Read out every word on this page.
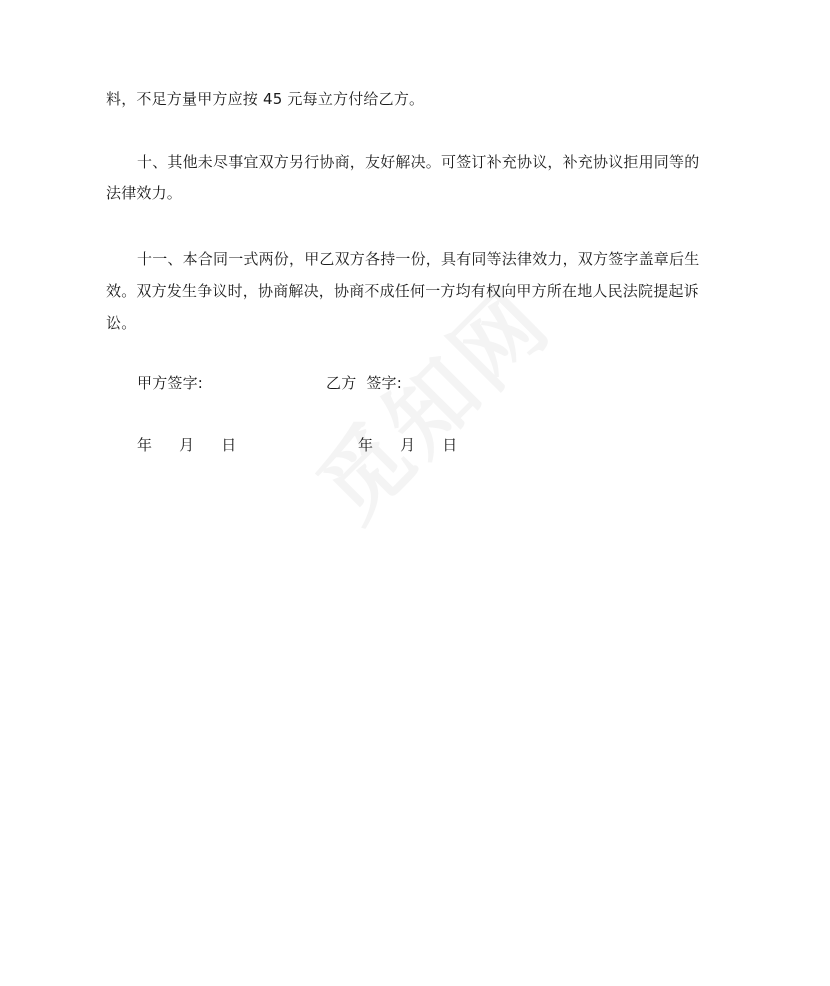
料，不足方量甲方应按 45 元每立方付给乙方。
十、其他未尽事宜双方另行协商，友好解决。可签订补充协议，补充协议拒用同等的
法律效力。
十一、本合同一式两份，甲乙双方各持一份，具有同等法律效力，双方签字盖章后生
效。双方发生争议时，协商解决，协商不成任何一方均有权向甲方所在地人民法院提起诉
讼。
甲方签字:	乙方  签字:
年 月 日	年 月 日
